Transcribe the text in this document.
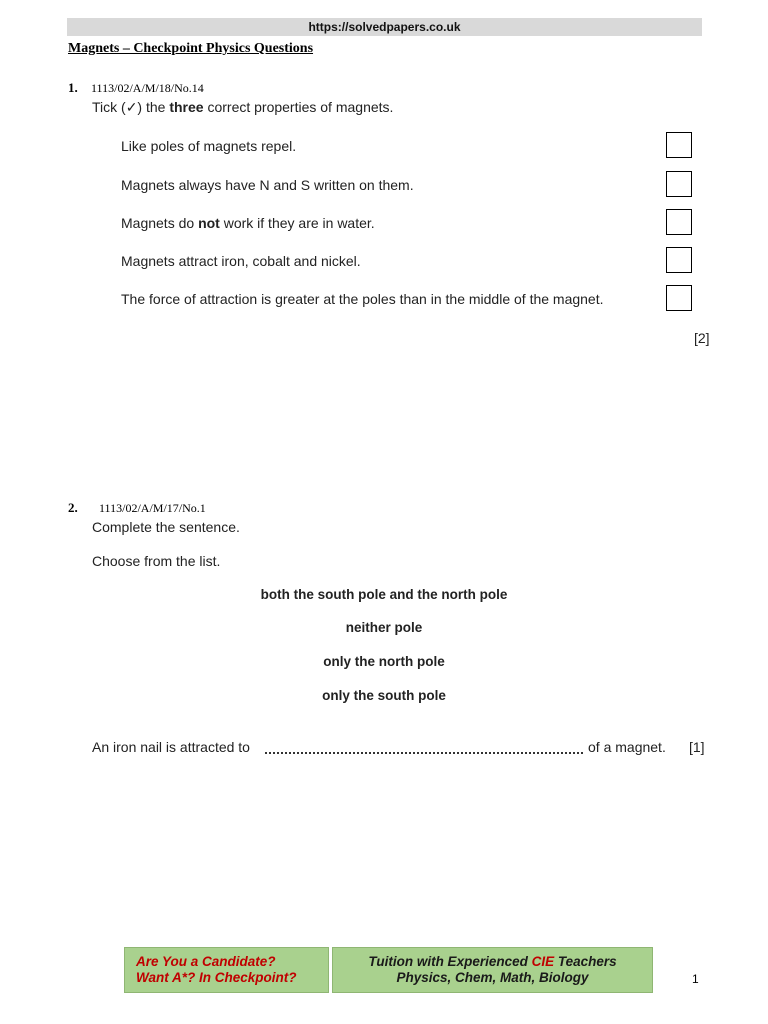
https://solvedpapers.co.uk
Magnets – Checkpoint Physics Questions
1. 1113/02/A/M/18/No.14
Tick (✓) the three correct properties of magnets.
Like poles of magnets repel.
Magnets always have N and S written on them.
Magnets do not work if they are in water.
Magnets attract iron, cobalt and nickel.
The force of attraction is greater at the poles than in the middle of the magnet.
[2]
2. 1113/02/A/M/17/No.1
Complete the sentence.
Choose from the list.
both the south pole and the north pole
neither pole
only the north pole
only the south pole
An iron nail is attracted to	of a magnet. [1]
Are You a Candidate?
Want A*? In Checkpoint?
Tuition with Experienced CIE Teachers
Physics, Chem, Math, Biology	1
